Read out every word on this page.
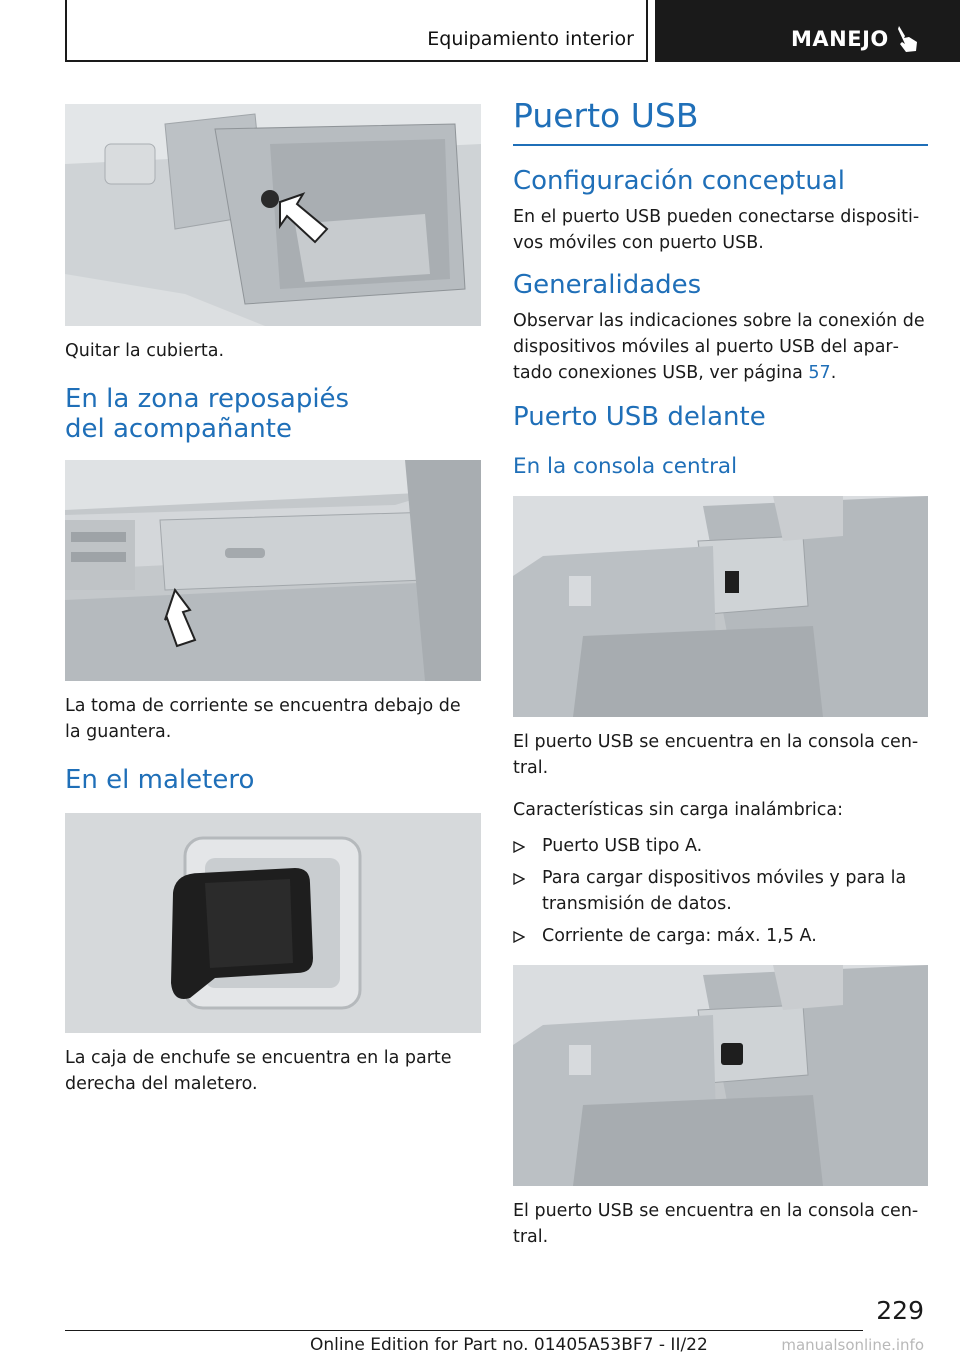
Equipamiento interior	MANEJO

Quitar la cubierta.

En la zona reposapiés del acompañante

La toma de corriente se encuentra debajo de la guantera.

En el maletero

La caja de enchufe se encuentra en la parte derecha del maletero.

Puerto USB
Configuración conceptual

En el puerto USB pueden conectarse dispositi‐vos móviles con puerto USB.

Generalidades

Observar las indicaciones sobre la conexión de dispositivos móviles al puerto USB del apar‐tado conexiones USB, ver página 57.

Puerto USB delante
En la consola central

El puerto USB se encuentra en la consola cen‐tral.

Características sin carga inalámbrica:

Puerto USB tipo A.
Para cargar dispositivos móviles y para la transmisión de datos.
Corriente de carga: máx. 1,5 A.

El puerto USB se encuentra en la consola cen‐tral.

229
Online Edition for Part no. 01405A53BF7 - II/22	manualsonline.info
